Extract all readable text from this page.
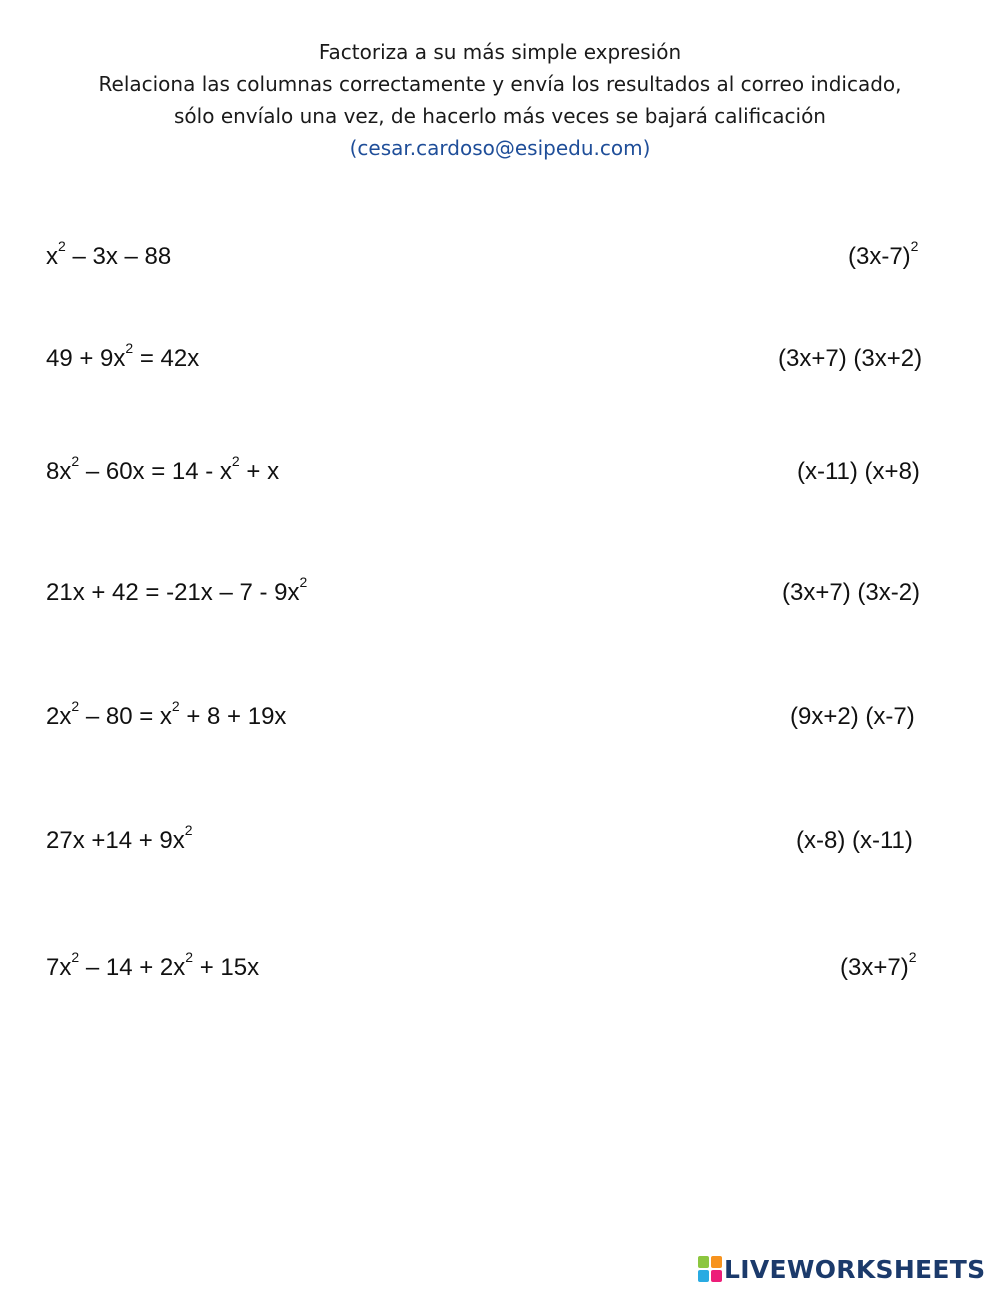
Factoriza a su más simple expresión
Relaciona las columnas correctamente y envía los resultados al correo indicado,
sólo envíalo una vez, de hacerlo más veces se bajará calificación
(cesar.cardoso@esipedu.com)
$x^2 - 3x - 88$
$49 + 9x^2 = 42x$
$8x^2 - 60x = 14 - x^2 + x$
$21x + 42 = -21x - 7 - 9x^2$
$2x^2 - 80 = x^2 + 8 + 19x$
$27x +14 + 9x^2$
$7x^2 - 14 + 2x^2 + 15x$
$(3x-7)^2$
(3x+7) (3x+2)
(x-11) (x+8)
(3x+7) (3x-2)
(9x+2) (x-7)
(x-8) (x-11)
$(3x+7)^2$
LIVEWORKSHEETS
